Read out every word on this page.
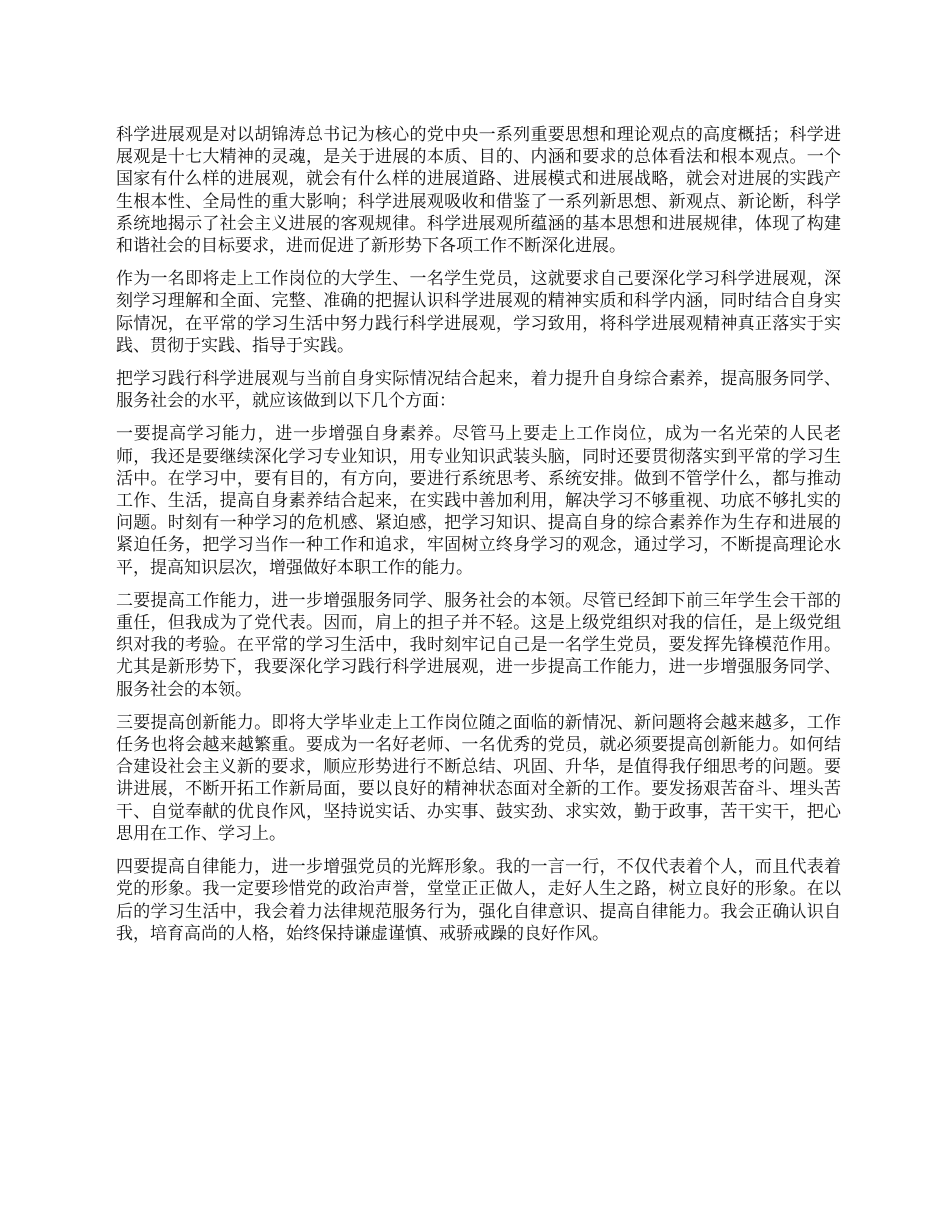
科学进展观是对以胡锦涛总书记为核心的党中央一系列重要思想和理论观点的高度概括；科学进展观是十七大精神的灵魂，是关于进展的本质、目的、内涵和要求的总体看法和根本观点。一个国家有什么样的进展观，就会有什么样的进展道路、进展模式和进展战略，就会对进展的实践产生根本性、全局性的重大影响；科学进展观吸收和借鉴了一系列新思想、新观点、新论断，科学系统地揭示了社会主义进展的客观规律。科学进展观所蕴涵的基本思想和进展规律，体现了构建和谐社会的目标要求，进而促进了新形势下各项工作不断深化进展。

作为一名即将走上工作岗位的大学生、一名学生党员，这就要求自己要深化学习科学进展观，深刻学习理解和全面、完整、准确的把握认识科学进展观的精神实质和科学内涵，同时结合自身实际情况，在平常的学习生活中努力践行科学进展观，学习致用，将科学进展观精神真正落实于实践、贯彻于实践、指导于实践。

把学习践行科学进展观与当前自身实际情况结合起来，着力提升自身综合素养，提高服务同学、服务社会的水平，就应该做到以下几个方面：

一要提高学习能力，进一步增强自身素养。尽管马上要走上工作岗位，成为一名光荣的人民老师，我还是要继续深化学习专业知识，用专业知识武装头脑，同时还要贯彻落实到平常的学习生活中。在学习中，要有目的，有方向，要进行系统思考、系统安排。做到不管学什么，都与推动工作、生活，提高自身素养结合起来，在实践中善加利用，解决学习不够重视、功底不够扎实的问题。时刻有一种学习的危机感、紧迫感，把学习知识、提高自身的综合素养作为生存和进展的紧迫任务，把学习当作一种工作和追求，牢固树立终身学习的观念，通过学习，不断提高理论水平，提高知识层次，增强做好本职工作的能力。

二要提高工作能力，进一步增强服务同学、服务社会的本领。尽管已经卸下前三年学生会干部的重任，但我成为了党代表。因而，肩上的担子并不轻。这是上级党组织对我的信任，是上级党组织对我的考验。在平常的学习生活中，我时刻牢记自己是一名学生党员，要发挥先锋模范作用。尤其是新形势下，我要深化学习践行科学进展观，进一步提高工作能力，进一步增强服务同学、服务社会的本领。

三要提高创新能力。即将大学毕业走上工作岗位随之面临的新情况、新问题将会越来越多，工作任务也将会越来越繁重。要成为一名好老师、一名优秀的党员，就必须要提高创新能力。如何结合建设社会主义新的要求，顺应形势进行不断总结、巩固、升华，是值得我仔细思考的问题。要讲进展，不断开拓工作新局面，要以良好的精神状态面对全新的工作。要发扬艰苦奋斗、埋头苦干、自觉奉献的优良作风，坚持说实话、办实事、鼓实劲、求实效，勤于政事，苦干实干，把心思用在工作、学习上。

四要提高自律能力，进一步增强党员的光辉形象。我的一言一行，不仅代表着个人，而且代表着党的形象。我一定要珍惜党的政治声誉，堂堂正正做人，走好人生之路，树立良好的形象。在以后的学习生活中，我会着力法律规范服务行为，强化自律意识、提高自律能力。我会正确认识自我，培育高尚的人格，始终保持谦虚谨慎、戒骄戒躁的良好作风。
